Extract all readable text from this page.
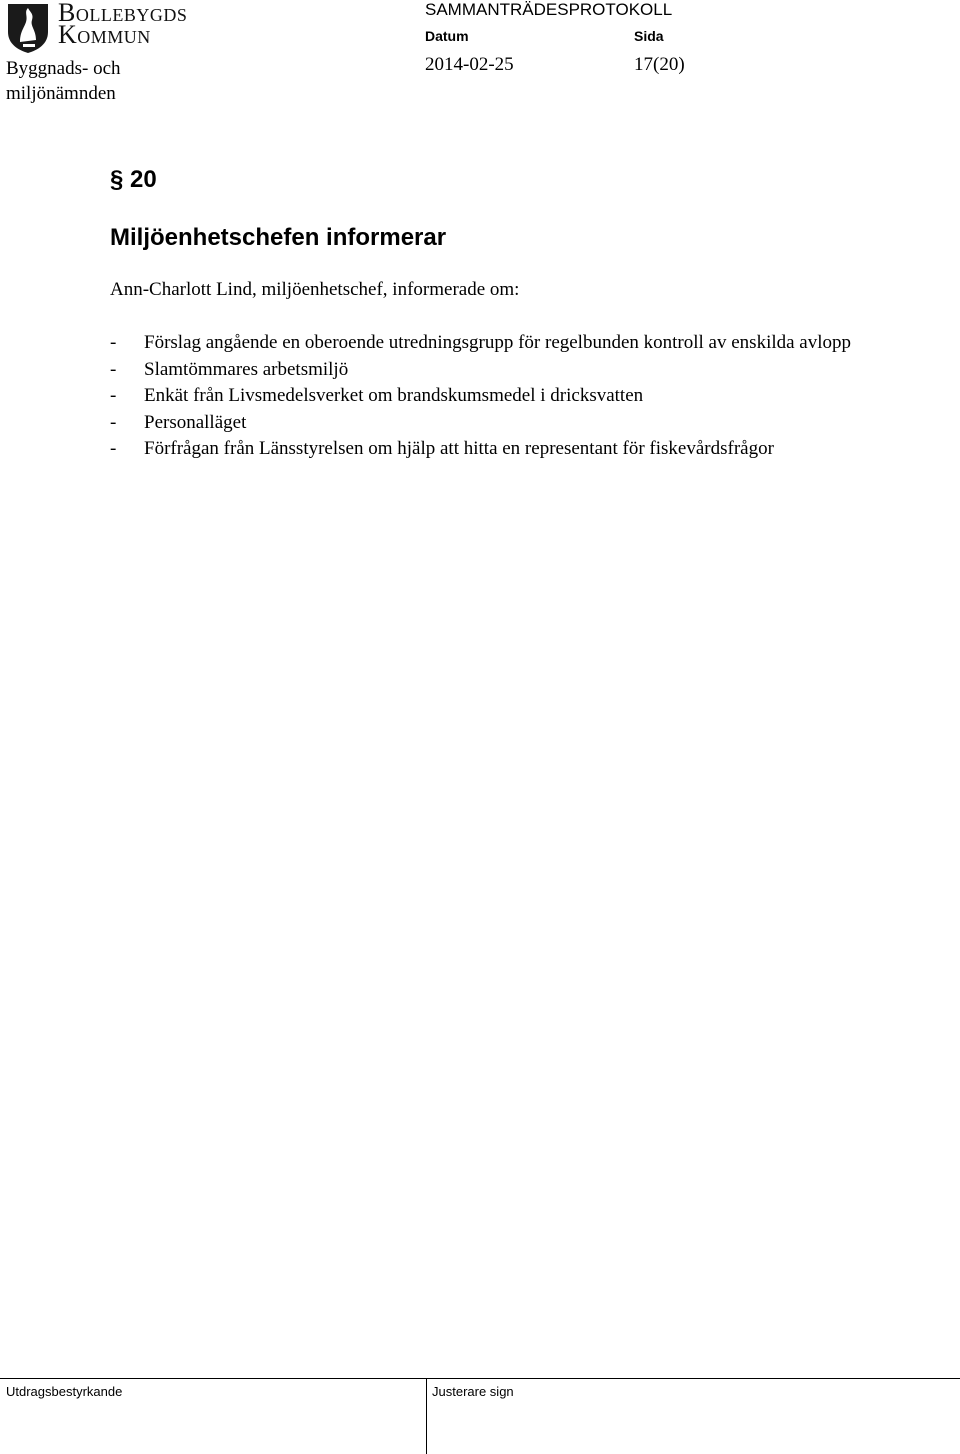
Bollebygds
Kommun
Byggnads- och
miljönämnden
SAMMANTRÄDESPROTOKOLL
Datum	Sida
2014-02-25	17(20)
§ 20
Miljöenhetschefen informerar
Ann-Charlott Lind, miljöenhetschef, informerade om:
-	Förslag angående en oberoende utredningsgrupp för regelbunden kontroll av enskilda avlopp
-	Slamtömmares arbetsmiljö
-	Enkät från Livsmedelsverket om brandskumsmedel i dricksvatten
-	Personalläget
-	Förfrågan från Länsstyrelsen om hjälp att hitta en representant för fiskevårdsfrågor
Utdragsbestyrkande	Justerare sign
